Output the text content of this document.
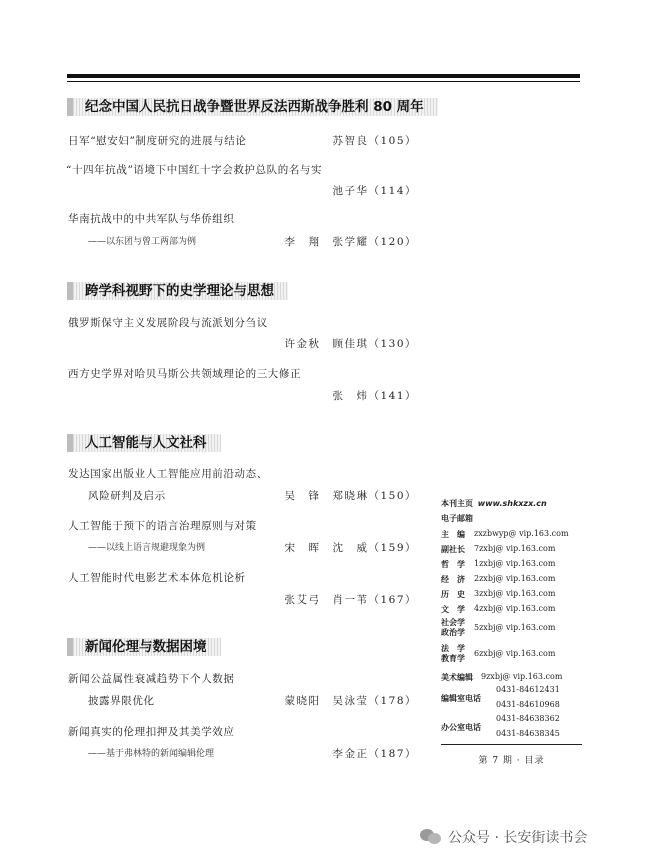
纪念中国人民抗日战争暨世界反法西斯战争胜利 80 周年
日军“慰安妇”制度研究的进展与结论	苏智良（105）
“十四年抗战”语境下中国红十字会救护总队的名与实
池子华（114）
华南抗战中的中共军队与华侨组织
——以东团与曾工两部为例	李　翔　张学耀（120）
跨学科视野下的史学理论与思想
俄罗斯保守主义发展阶段与流派划分刍议
许金秋　顾佳琪（130）
西方史学界对哈贝马斯公共领域理论的三大修正
张　炜（141）
人工智能与人文社科
发达国家出版业人工智能应用前沿动态、
风险研判及启示	吴　锋　郑晓琳（150）
人工智能于预下的语言治理原则与对策
——以线上语言规避现象为例	宋　晖　沈　威（159）
人工智能时代电影艺术本体危机论析
张艾弓　肖一苇（167）
新闻伦理与数据困境
新闻公益属性衰减趋势下个人数据
披露界限优化	蒙晓阳　吴泳莹（178）
新闻真实的伦理扣押及其美学效应
——基于弗林特的新闻编辑伦理	李金正（187）
本刊主页 www.shkxzx.cn
电子邮箱
主　编 zxzbwyp@ vip.163.com
副社长 7zxbj@ vip.163.com
哲　学 1zxbj@ vip.163.com
经　济 2zxbj@ vip.163.com
历　史 3zxbj@ vip.163.com
文　学 4zxbj@ vip.163.com
社会学
政治学
5zxbj@ vip.163.com
法　学
教育学
6zxbj@ vip.163.com
美术编辑 9zxbj@ vip.163.com
编辑室电话
0431-84612431
0431-84610968
办公室电话
0431-84638362
0431-84638345
第 7 期 · 目录
公众号 · 长安街读书会
